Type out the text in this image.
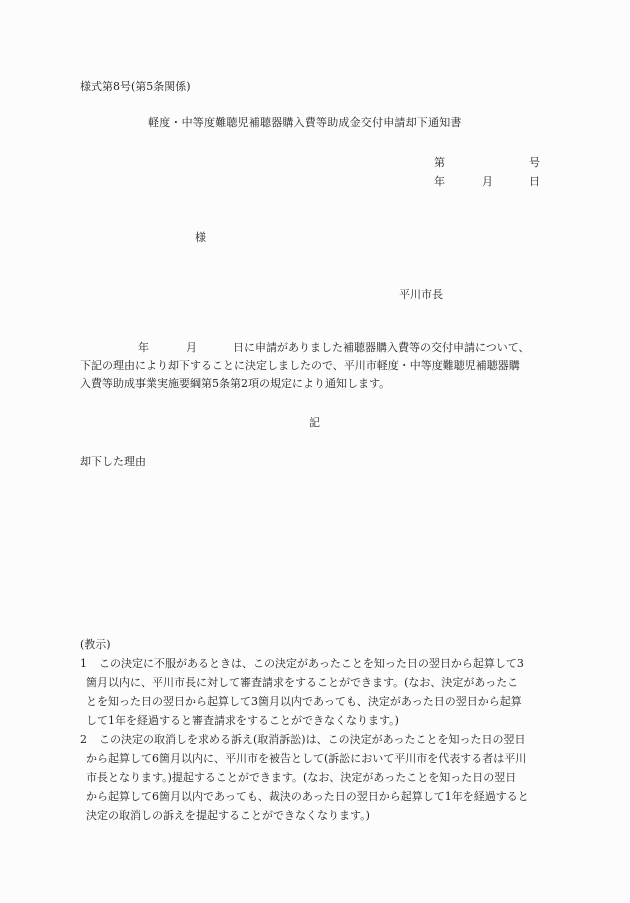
様式第8号(第5条関係)
軽度・中等度難聴児補聴器購入費等助成金交付申請却下通知書
第	号
年	月	日
様
平川市長
年	月	日に申請がありました補聴器購入費等の交付申請について、
下記の理由により却下することに決定しましたので、平川市軽度・中等度難聴児補聴器購
入費等助成事業実施要綱第5条第2項の規定により通知します。
記
却下した理由
(教示)
1 この決定に不服があるときは、この決定があったことを知った日の翌日から起算して3
箇月以内に、平川市長に対して審査請求をすることができます。(なお、決定があったこ
とを知った日の翌日から起算して3箇月以内であっても、決定があった日の翌日から起算
して1年を経過すると審査請求をすることができなくなります。)
2 この決定の取消しを求める訴え(取消訴訟)は、この決定があったことを知った日の翌日
から起算して6箇月以内に、平川市を被告として(訴訟において平川市を代表する者は平川
市長となります。)提起することができます。(なお、決定があったことを知った日の翌日
から起算して6箇月以内であっても、裁決のあった日の翌日から起算して1年を経過すると
決定の取消しの訴えを提起することができなくなります。)
